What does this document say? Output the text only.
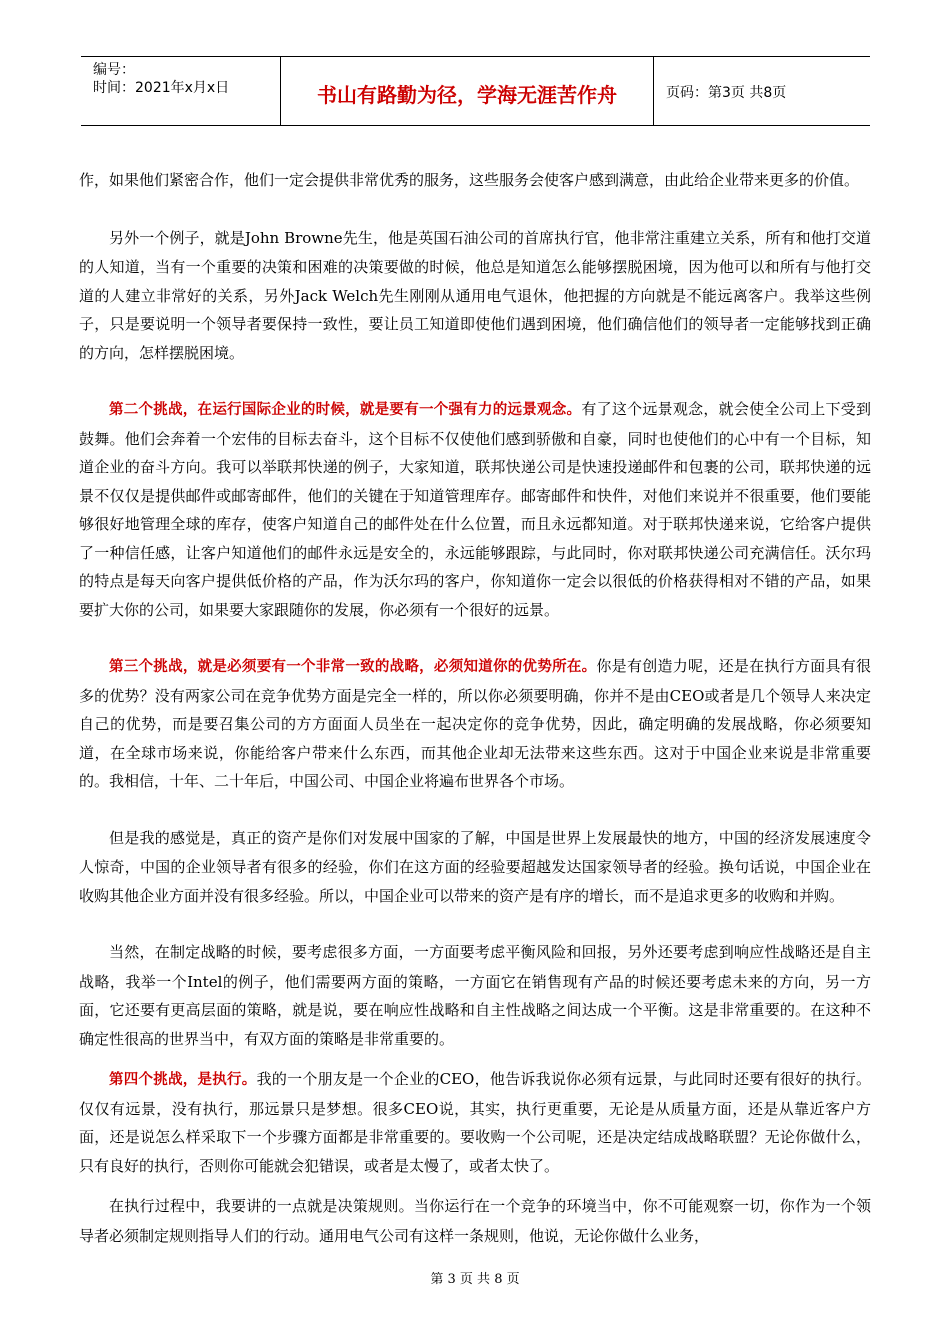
编号：
时间：2021年x月x日	书山有路勤为径，学海无涯苦作舟	页码：第3页 共8页

作，如果他们紧密合作，他们一定会提供非常优秀的服务，这些服务会使客户感到满意，由此给企业带来更多的价值。

另外一个例子，就是John Browne先生，他是英国石油公司的首席执行官，他非常注重建立关系，所有和他打交道的人知道，当有一个重要的决策和困难的决策要做的时候，他总是知道怎么能够摆脱困境，因为他可以和所有与他打交道的人建立非常好的关系，另外Jack Welch先生刚刚从通用电气退休，他把握的方向就是不能远离客户。我举这些例子，只是要说明一个领导者要保持一致性，要让员工知道即使他们遇到困境，他们确信他们的领导者一定能够找到正确的方向，怎样摆脱困境。

第二个挑战，在运行国际企业的时候，就是要有一个强有力的远景观念。有了这个远景观念，就会使全公司上下受到鼓舞。他们会奔着一个宏伟的目标去奋斗，这个目标不仅使他们感到骄傲和自豪，同时也使他们的心中有一个目标，知道企业的奋斗方向。我可以举联邦快递的例子，大家知道，联邦快递公司是快速投递邮件和包裹的公司，联邦快递的远景不仅仅是提供邮件或邮寄邮件，他们的关键在于知道管理库存。邮寄邮件和快件，对他们来说并不很重要，他们要能够很好地管理全球的库存，使客户知道自己的邮件处在什么位置，而且永远都知道。对于联邦快递来说，它给客户提供了一种信任感，让客户知道他们的邮件永远是安全的，永远能够跟踪，与此同时，你对联邦快递公司充满信任。沃尔玛的特点是每天向客户提供低价格的产品，作为沃尔玛的客户，你知道你一定会以很低的价格获得相对不错的产品，如果要扩大你的公司，如果要大家跟随你的发展，你必须有一个很好的远景。

第三个挑战，就是必须要有一个非常一致的战略，必须知道你的优势所在。你是有创造力呢，还是在执行方面具有很多的优势？没有两家公司在竞争优势方面是完全一样的，所以你必须要明确，你并不是由CEO或者是几个领导人来决定自己的优势，而是要召集公司的方方面面人员坐在一起决定你的竞争优势，因此，确定明确的发展战略，你必须要知道，在全球市场来说，你能给客户带来什么东西，而其他企业却无法带来这些东西。这对于中国企业来说是非常重要的。我相信，十年、二十年后，中国公司、中国企业将遍布世界各个市场。

但是我的感觉是，真正的资产是你们对发展中国家的了解，中国是世界上发展最快的地方，中国的经济发展速度令人惊奇，中国的企业领导者有很多的经验，你们在这方面的经验要超越发达国家领导者的经验。换句话说，中国企业在收购其他企业方面并没有很多经验。所以，中国企业可以带来的资产是有序的增长，而不是追求更多的收购和并购。

当然，在制定战略的时候，要考虑很多方面，一方面要考虑平衡风险和回报，另外还要考虑到响应性战略还是自主战略，我举一个Intel的例子，他们需要两方面的策略，一方面它在销售现有产品的时候还要考虑未来的方向，另一方面，它还要有更高层面的策略，就是说，要在响应性战略和自主性战略之间达成一个平衡。这是非常重要的。在这种不确定性很高的世界当中，有双方面的策略是非常重要的。

第四个挑战，是执行。我的一个朋友是一个企业的CEO，他告诉我说你必须有远景，与此同时还要有很好的执行。仅仅有远景，没有执行，那远景只是梦想。很多CEO说，其实，执行更重要，无论是从质量方面，还是从靠近客户方面，还是说怎么样采取下一个步骤方面都是非常重要的。要收购一个公司呢，还是决定结成战略联盟？无论你做什么，只有良好的执行，否则你可能就会犯错误，或者是太慢了，或者太快了。

在执行过程中，我要讲的一点就是决策规则。当你运行在一个竞争的环境当中，你不可能观察一切，你作为一个领导者必须制定规则指导人们的行动。通用电气公司有这样一条规则，他说，无论你做什么业务，

第 3 页 共 8 页
